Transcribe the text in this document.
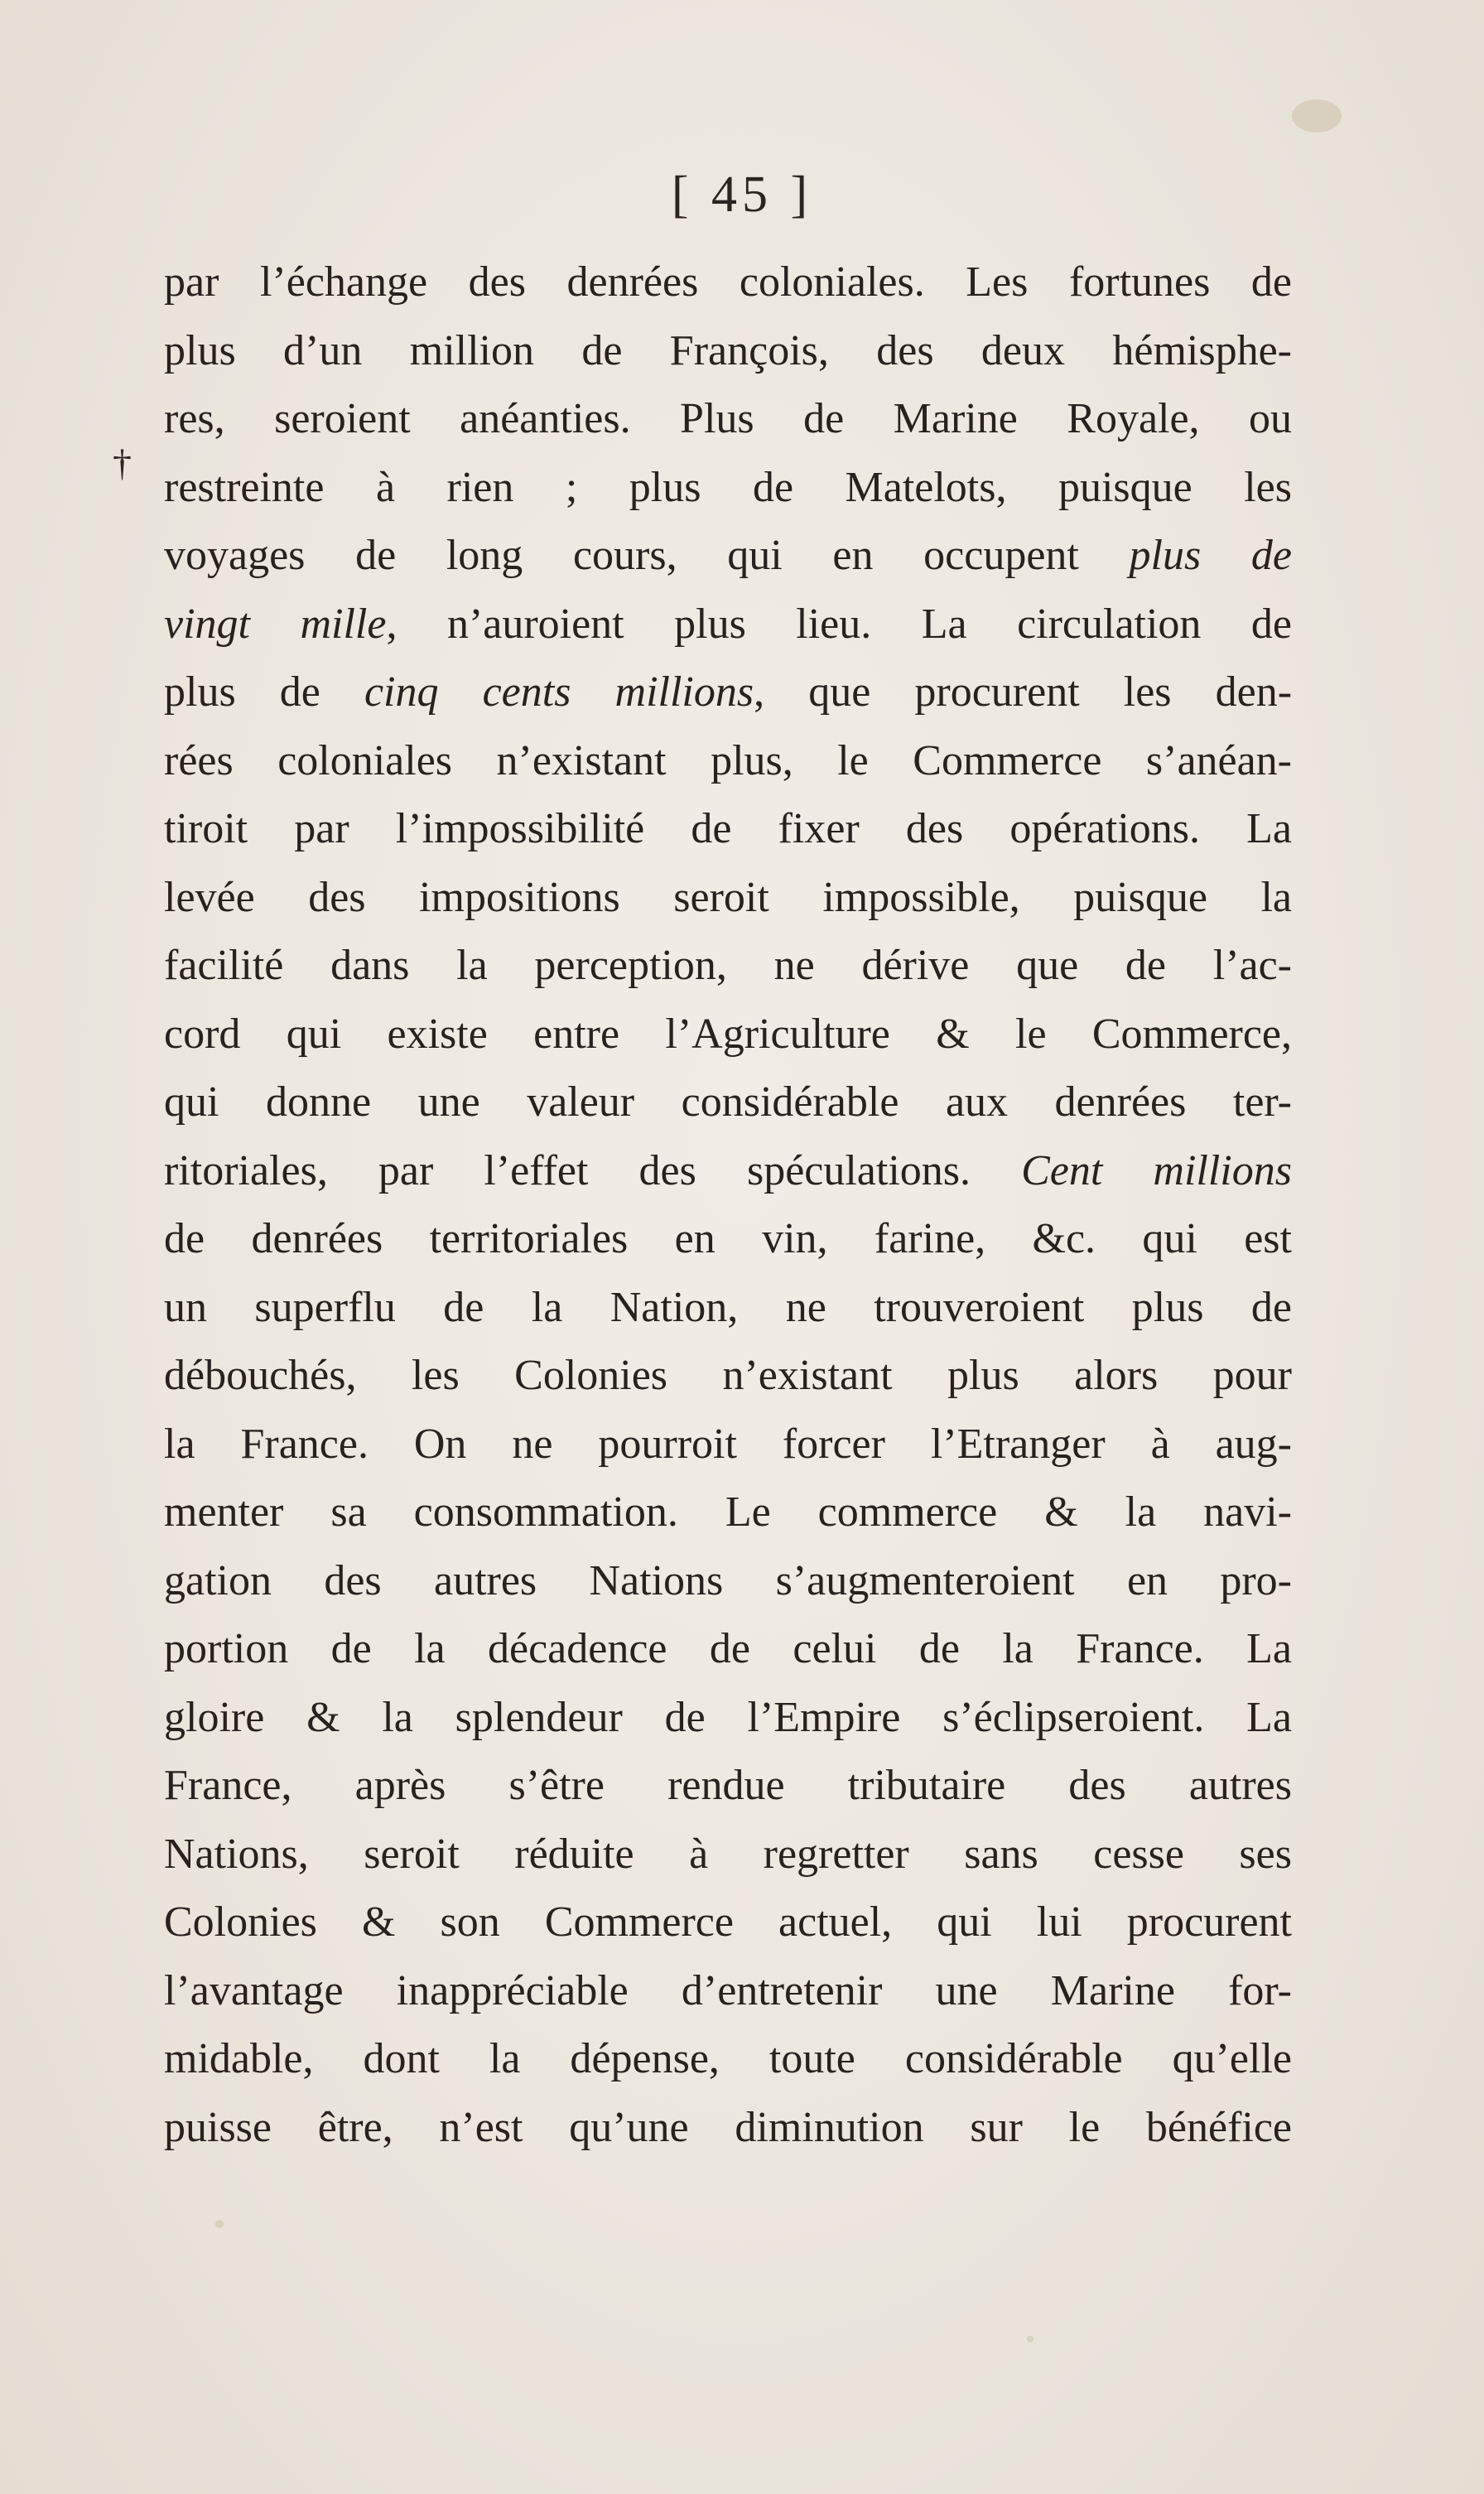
[ 45 ]
†
par l’échange des denrées coloniales. Les fortunes de
plus d’un million de François, des deux hémisphe-
res, seroient anéanties. Plus de Marine Royale, ou
restreinte à rien ; plus de Matelots, puisque les
voyages de long cours, qui en occupent plus de
vingt mille, n’auroient plus lieu. La circulation de
plus de cinq cents millions, que procurent les den-
rées coloniales n’existant plus, le Commerce s’anéan-
tiroit par l’impossibilité de fixer des opérations. La
levée des impositions seroit impossible, puisque la
facilité dans la perception, ne dérive que de l’ac-
cord qui existe entre l’Agriculture & le Commerce,
qui donne une valeur considérable aux denrées ter-
ritoriales, par l’effet des spéculations. Cent millions
de denrées territoriales en vin, farine, &c. qui est
un superflu de la Nation, ne trouveroient plus de
débouchés, les Colonies n’existant plus alors pour
la France. On ne pourroit forcer l’Etranger à aug-
menter sa consommation. Le commerce & la navi-
gation des autres Nations s’augmenteroient en pro-
portion de la décadence de celui de la France. La
gloire & la splendeur de l’Empire s’éclipseroient. La
France, après s’être rendue tributaire des autres
Nations, seroit réduite à regretter sans cesse ses
Colonies & son Commerce actuel, qui lui procurent
l’avantage inappréciable d’entretenir une Marine for-
midable, dont la dépense, toute considérable qu’elle
puisse être, n’est qu’une diminution sur le bénéfice
